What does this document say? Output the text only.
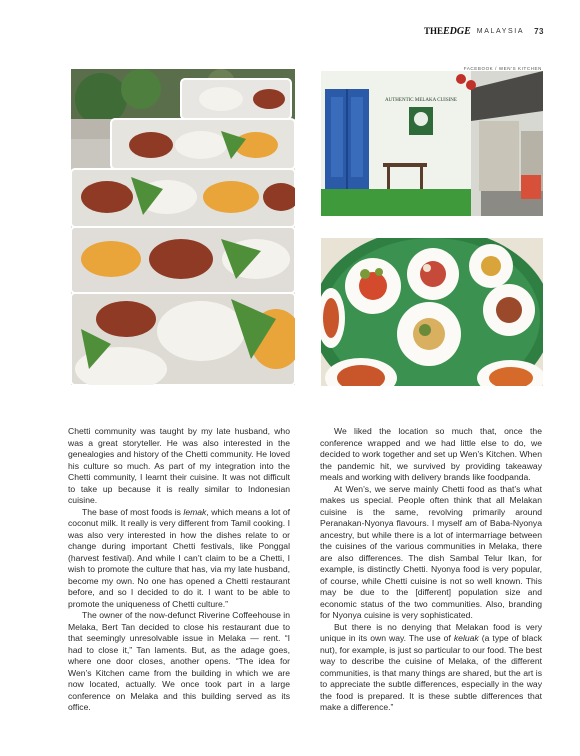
THEEDGE MALAYSIA 73
FACEBOOK / WEN'S KITCHEN
AUTHENTIC MELAKA CUISINE

Chetti community was taught by my late husband, who was a great storyteller. He was also interested in the genealogies and history of the Chetti community. He loved his culture so much. As part of my integration into the Chetti community, I learnt their cuisine. It was not difficult to take up because it is really similar to Indonesian cuisine.

The base of most foods is lemak, which means a lot of coconut milk. It really is very different from Tamil cooking. I was also very interested in how the dishes relate to or change during important Chetti festivals, like Ponggal (harvest festival). And while I can’t claim to be a Chetti, I wish to promote the culture that has, via my late husband, become my own. No one has opened a Chetti restaurant before, and so I decided to do it. I want to be able to promote the uniqueness of Chetti culture.”

The owner of the now-defunct Riverine Coffeehouse in Melaka, Bert Tan decided to close his restaurant due to that seemingly unresolvable issue in Melaka — rent. “I had to close it,” Tan laments. But, as the adage goes, where one door closes, another opens. “The idea for Wen’s Kitchen came from the building in which we are now located, actually. We once took part in a large conference on Melaka and this building served as its office.

We liked the location so much that, once the conference wrapped and we had little else to do, we decided to work together and set up Wen’s Kitchen. When the pandemic hit, we survived by providing takeaway meals and working with delivery brands like foodpanda.

At Wen’s, we serve mainly Chetti food as that’s what makes us special. People often think that all Melakan cuisine is the same, revolving primarily around Peranakan-Nyonya flavours. I myself am of Baba-Nyonya ancestry, but while there is a lot of intermarriage between the cuisines of the various communities in Melaka, there are also differences. The dish Sambal Telur Ikan, for example, is distinctly Chetti. Nyonya food is very popular, of course, while Chetti cuisine is not so well known. This may be due to the [different] population size and economic status of the two communities. Also, branding for Nyonya cuisine is very sophisticated.

But there is no denying that Melakan food is very unique in its own way. The use of keluak (a type of black nut), for example, is just so particular to our food. The best way to describe the cuisine of Melaka, of the different communities, is that many things are shared, but the art is to appreciate the subtle differences, especially in the way the food is prepared. It is these subtle differences that make a difference.”
